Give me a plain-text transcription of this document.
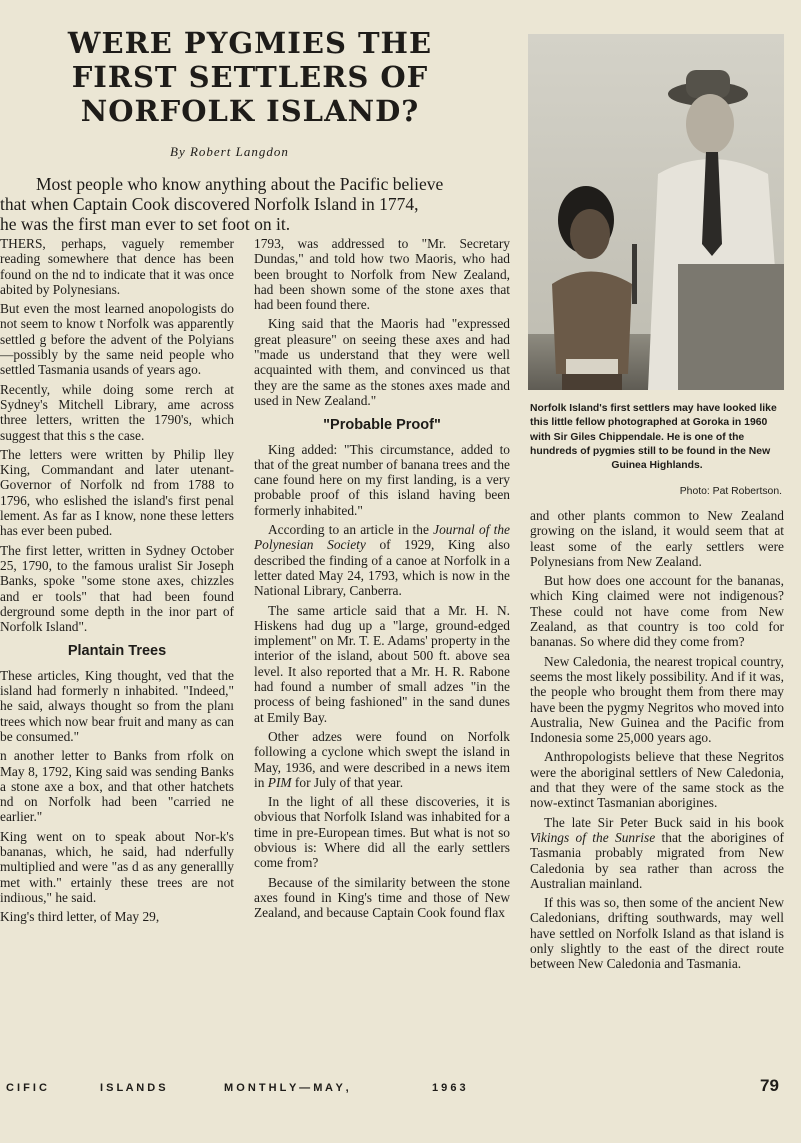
WERE PYGMIES THE FIRST SETTLERS OF NORFOLK ISLAND?
By Robert Langdon
Most people who know anything about the Pacific believe
that when Captain Cook discovered Norfolk Island in 1774,
he was the first man ever to set foot on it.

THERS, perhaps, vaguely remember reading somewhere that dence has been found on the nd to indicate that it was once abited by Polynesians.

But even the most learned anopologists do not seem to know t Norfolk was apparently settled g before the advent of the Polyians—possibly by the same neid people who settled Tasmania usands of years ago.

Recently, while doing some rerch at Sydney's Mitchell Library, ame across three letters, written the 1790's, which suggest that this s the case.

The letters were written by Philip lley King, Commandant and later utenant-Governor of Norfolk nd from 1788 to 1796, who eslished the island's first penal lement. As far as I know, none these letters has ever been pubed.

The first letter, written in Sydney October 25, 1790, to the famous uralist Sir Joseph Banks, spoke "some stone axes, chizzles and er tools" that had been found derground some depth in the inor part of Norfolk Island".

Plantain Trees

These articles, King thought, ved that the island had formerly n inhabited. "Indeed," he said, always thought so from the planı trees which now bear fruit and many as can be consumed."

n another letter to Banks from rfolk on May 8, 1792, King said was sending Banks a stone axe a box, and that other hatchets nd on Norfolk had been "carried ne earlier."

King went on to speak about Nor-k's bananas, which, he said, had nderfully multiplied and were "as d as any generallly met with." ertainly these trees are not indiıous," he said.

King's third letter, of May 29,

1793, was addressed to "Mr. Secretary Dundas," and told how two Maoris, who had been brought to Norfolk from New Zealand, had been shown some of the stone axes that had been found there.

King said that the Maoris had "expressed great pleasure" on seeing these axes and had "made us understand that they were well acquainted with them, and convinced us that they are the same as the stones axes made and used in New Zealand."

"Probable Proof"

King added: "This circumstance, added to that of the great number of banana trees and the cane found here on my first landing, is a very probable proof of this island having been formerly inhabited."

According to an article in the Journal of the Polynesian Society of 1929, King also described the finding of a canoe at Norfolk in a letter dated May 24, 1793, which is now in the National Library, Canberra.

The same article said that a Mr. H. N. Hiskens had dug up a "large, ground-edged implement" on Mr. T. E. Adams' property in the interior of the island, about 500 ft. above sea level. It also reported that a Mr. H. R. Rabone had found a number of small adzes "in the process of being fashioned" in the sand dunes at Emily Bay.

Other adzes were found on Norfolk following a cyclone which swept the island in May, 1936, and were described in a news item in PIM for July of that year.

In the light of all these discoveries, it is obvious that Norfolk Island was inhabited for a time in pre-European times. But what is not so obvious is: Where did all the early settlers come from?

Because of the similarity between the stone axes found in King's time and those of New Zealand, and because Captain Cook found flax

Norfolk Island's first settlers may have looked like this little fellow photographed at Goroka in 1960 with Sir Giles Chippendale. He is one of the hundreds of pygmies still to be found in the New
Guinea Highlands.
Photo: Pat Robertson.

and other plants common to New Zealand growing on the island, it would seem that at least some of the early settlers were Polynesians from New Zealand.

But how does one account for the bananas, which King claimed were not indigenous? These could not have come from New Zealand, as that country is too cold for bananas. So where did they come from?

New Caledonia, the nearest tropical country, seems the most likely possibility. And if it was, the people who brought them from there may have been the pygmy Negritos who moved into Australia, New Guinea and the Pacific from Indonesia some 25,000 years ago.

Anthropologists believe that these Negritos were the aboriginal settlers of New Caledonia, and that they were of the same stock as the now-extinct Tasmanian aborigines.

The late Sir Peter Buck said in his book Vikings of the Sunrise that the aborigines of Tasmania probably migrated from New Caledonia by sea rather than across the Australian mainland.

If this was so, then some of the ancient New Caledonians, drifting southwards, may well have settled on Norfolk Island as that island is only slightly to the east of the direct route between New Caledonia and Tasmania.

C I F I C	I S L A N D S	M O N T H L Y — M A Y ,	1 9 6 3	79
